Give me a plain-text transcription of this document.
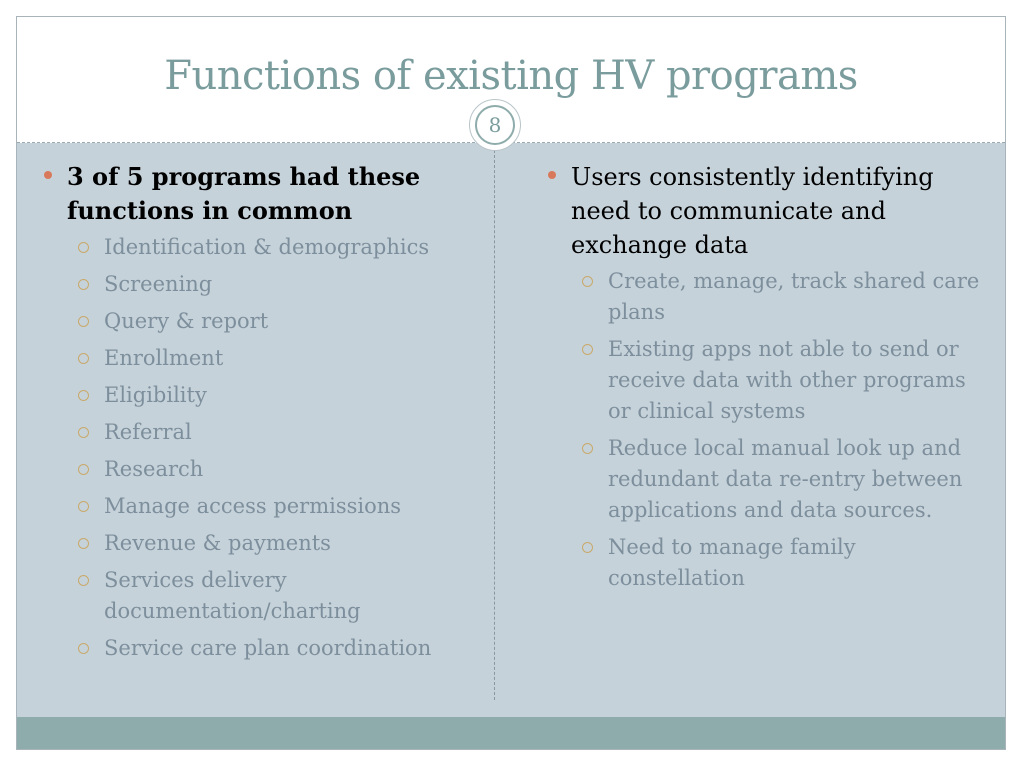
Functions of existing HV programs
8
3 of 5 programs had these functions in common
Identification & demographics
Screening
Query & report
Enrollment
Eligibility
Referral
Research
Manage access permissions
Revenue & payments
Services delivery documentation/charting
Service care plan coordination
Users consistently identifying need to communicate and exchange data
Create, manage, track shared care plans
Existing apps not able to send or receive data with other programs or clinical systems
Reduce local manual look up and redundant data re-entry between applications and data sources.
Need to manage family constellation
